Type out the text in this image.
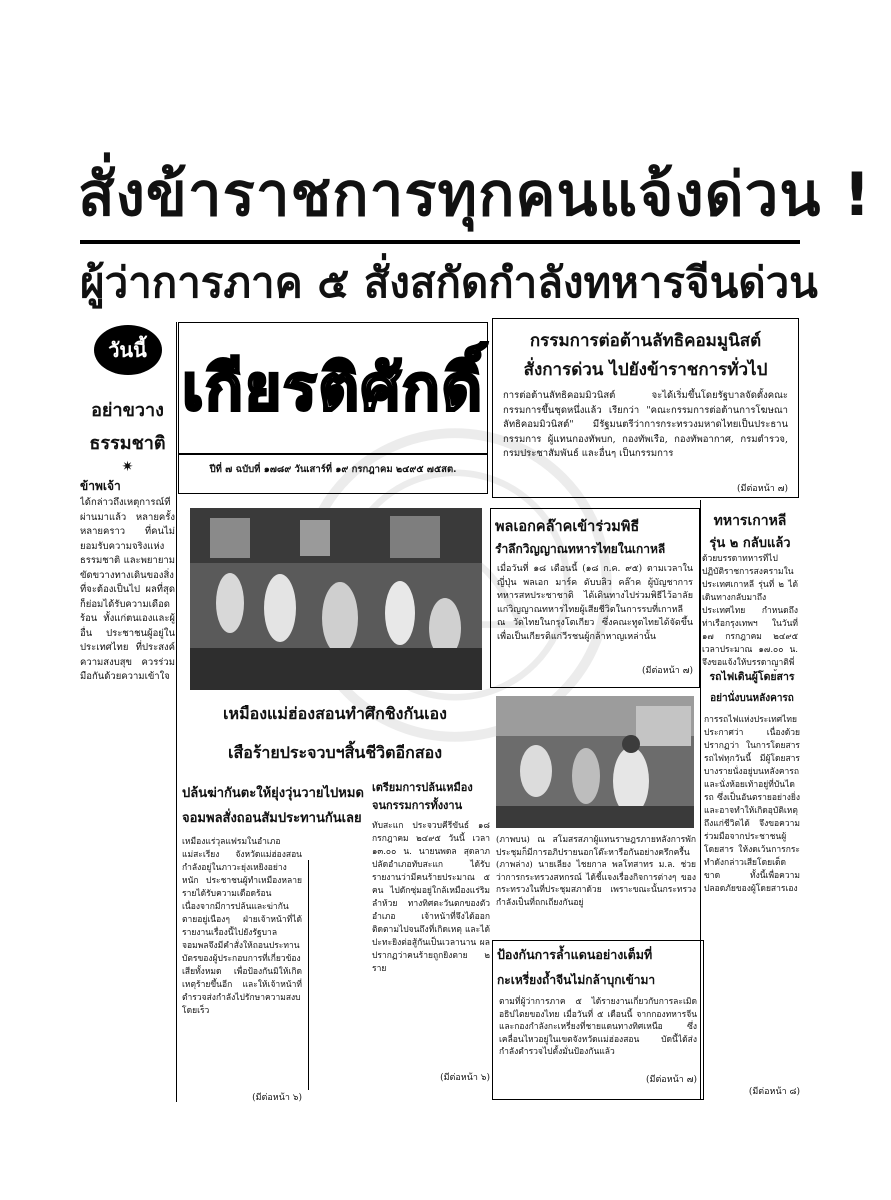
สั่งข้าราชการทุกคนแจ้งด่วน !
ผู้ว่าการภาค ๕ สั่งสกัดกำลังทหารจีนด่วน
วันนี้
อย่าขวาง
ธรรมชาติ
✷
ข้าพเจ้า
ได้กล่าวถึงเหตุการณ์ที่ผ่านมาแล้ว หลายครั้งหลายคราว ที่คนไม่ยอมรับความจริงแห่งธรรมชาติ และพยายามขัดขวางทางเดินของสิ่งที่จะต้องเป็นไป ผลที่สุดก็ย่อมได้รับความเดือดร้อน ทั้งแก่ตนเองและผู้อื่น ประชาชนผู้อยู่ในประเทศไทย ที่ประสงค์ความสงบสุข ควรร่วมมือกันด้วยความเข้าใจ
เกียรติศักดิ์
ปีที่ ๗ ฉบับที่ ๑๗๘๙ วันเสาร์ที่ ๑๙ กรกฎาคม ๒๔๙๕ ๗๕สต.
กรรมการต่อต้านลัทธิคอมมูนิสต์
สั่งการด่วน ไปยังข้าราชการทั่วไป
การต่อต้านลัทธิคอมมิวนิสต์ จะได้เริ่มขึ้นโดยรัฐบาลจัดตั้งคณะกรรมการขึ้นชุดหนึ่งแล้ว เรียกว่า "คณะกรรมการต่อต้านการโฆษณาลัทธิคอมมิวนิสต์" มีรัฐมนตรีว่าการกระทรวงมหาดไทยเป็นประธานกรรมการ ผู้แทนกองทัพบก, กองทัพเรือ, กองทัพอากาศ, กรมตำรวจ, กรมประชาสัมพันธ์ และอื่นๆ เป็นกรรมการ
(มีต่อหน้า ๗)
พลเอกคล๊าคเข้าร่วมพิธี
รำลึกวิญญาณทหารไทยในเกาหลี
เมื่อวันที่ ๑๘ เดือนนี้ (๑๘ ก.ค. ๙๕) ตามเวลาในญี่ปุ่น พลเอก มาร์ค ดับบลิว คล๊าค ผู้บัญชาการทหารสหประชาชาติ ได้เดินทางไปร่วมพิธีไว้อาลัยแก่วิญญาณทหารไทยผู้เสียชีวิตในการรบที่เกาหลี ณ วัดไทยในกรุงโตเกียว ซึ่งคณะทูตไทยได้จัดขึ้นเพื่อเป็นเกียรติแก่วีรชนผู้กล้าหาญเหล่านั้น
(มีต่อหน้า ๗)
ทหารเกาหลี
รุ่น ๒ กลับแล้ว
ด้วยบรรดาทหารที่ไปปฏิบัติราชการสงครามในประเทศเกาหลี รุ่นที่ ๒ ได้เดินทางกลับมาถึงประเทศไทย กำหนดถึงท่าเรือกรุงเทพฯ ในวันที่ ๑๗ กรกฎาคม ๒๔๙๕ เวลาประมาณ ๑๗.๐๐ น. จึงขอแจ้งให้บรรดาญาติพี่
เหมืองแม่ฮ่องสอนทำศึกชิงกันเอง
เสือร้ายประจวบฯสิ้นชีวิตอีกสอง
ปล้นฆ่ากันตะให้ยุ่งวุ่นวายไปหมด
จอมพลสั่งถอนสัมประทานกันเลย
เหมืองแร่วุลแฟรมในอำเภอแม่สะเรียง จังหวัดแม่ฮ่องสอน กำลังอยู่ในภาวะยุ่งเหยิงอย่างหนัก ประชาชนผู้ทำเหมืองหลายรายได้รับความเดือดร้อน เนื่องจากมีการปล้นและฆ่ากันตายอยู่เนืองๆ ฝ่ายเจ้าหน้าที่ได้รายงานเรื่องนี้ไปยังรัฐบาล จอมพลจึงมีคำสั่งให้ถอนประทานบัตรของผู้ประกอบการที่เกี่ยวข้องเสียทั้งหมด เพื่อป้องกันมิให้เกิดเหตุร้ายขึ้นอีก และให้เจ้าหน้าที่ตำรวจส่งกำลังไปรักษาความสงบโดยเร็ว
(มีต่อหน้า ๖)
เตรียมการปล้นเหมือง
จนกรรมการทั้งงาน
ทับสะแก ประจวบคีรีขันธ์ ๑๘ กรกฎาคม ๒๔๙๕ วันนี้ เวลา ๑๓.๐๐ น. นายนพดล สุดลาภ ปลัดอำเภอทับสะแก ได้รับรายงานว่ามีคนร้ายประมาณ ๕ คน ไปดักซุ่มอยู่ใกล้เหมืองแร่ริมลำห้วย ทางทิศตะวันตกของตัวอำเภอ เจ้าหน้าที่จึงได้ออกติดตามไปจนถึงที่เกิดเหตุ และได้ปะทะยิงต่อสู้กันเป็นเวลานาน ผลปรากฏว่าคนร้ายถูกยิงตาย ๒ ราย
(มีต่อหน้า ๖)
(ภาพบน) ณ สโมสรสภาผู้แทนราษฎรภายหลังการพักประชุมก็มีการอภิปรายนอกโต๊ะหารือกันอย่างครึกครื้น (ภาพล่าง) นายเลียง ไชยกาล พลโทสาทร ม.ล. ช่วยว่าการกระทรวงสหกรณ์ ได้ชี้แจงเรื่องกิจการต่างๆ ของกระทรวงในที่ประชุมสภาด้วย เพราะขณะนั้นกระทรวงกำลังเป็นที่ถกเถียงกันอยู่
ป้องกันการล้ำแดนอย่างเต็มที่
กะเหรี่ยงถ้ำจีนไม่กล้าบุกเข้ามา
ตามที่ผู้ว่าการภาค ๕ ได้รายงานเกี่ยวกับการละเมิดอธิปไตยของไทย เมื่อวันที่ ๕ เดือนนี้ จากกองทหารจีนและกองกำลังกะเหรี่ยงที่ชายแดนทางทิศเหนือ ซึ่งเคลื่อนไหวอยู่ในเขตจังหวัดแม่ฮ่องสอน บัดนี้ได้ส่งกำลังตำรวจไปตั้งมั่นป้องกันแล้ว
(มีต่อหน้า ๗)
รถไฟเดินผู้โดยสาร
อย่านั่งบนหลังคารถ
การรถไฟแห่งประเทศไทยประกาศว่า เนื่องด้วยปรากฏว่า ในการโดยสารรถไฟทุกวันนี้ มีผู้โดยสารบางรายนั่งอยู่บนหลังคารถและนั่งห้อยเท้าอยู่ที่บันไดรถ ซึ่งเป็นอันตรายอย่างยิ่ง และอาจทำให้เกิดอุบัติเหตุถึงแก่ชีวิตได้ จึงขอความร่วมมือจากประชาชนผู้โดยสาร ให้งดเว้นการกระทำดังกล่าวเสียโดยเด็ดขาด ทั้งนี้เพื่อความปลอดภัยของผู้โดยสารเอง
(มีต่อหน้า ๘)
